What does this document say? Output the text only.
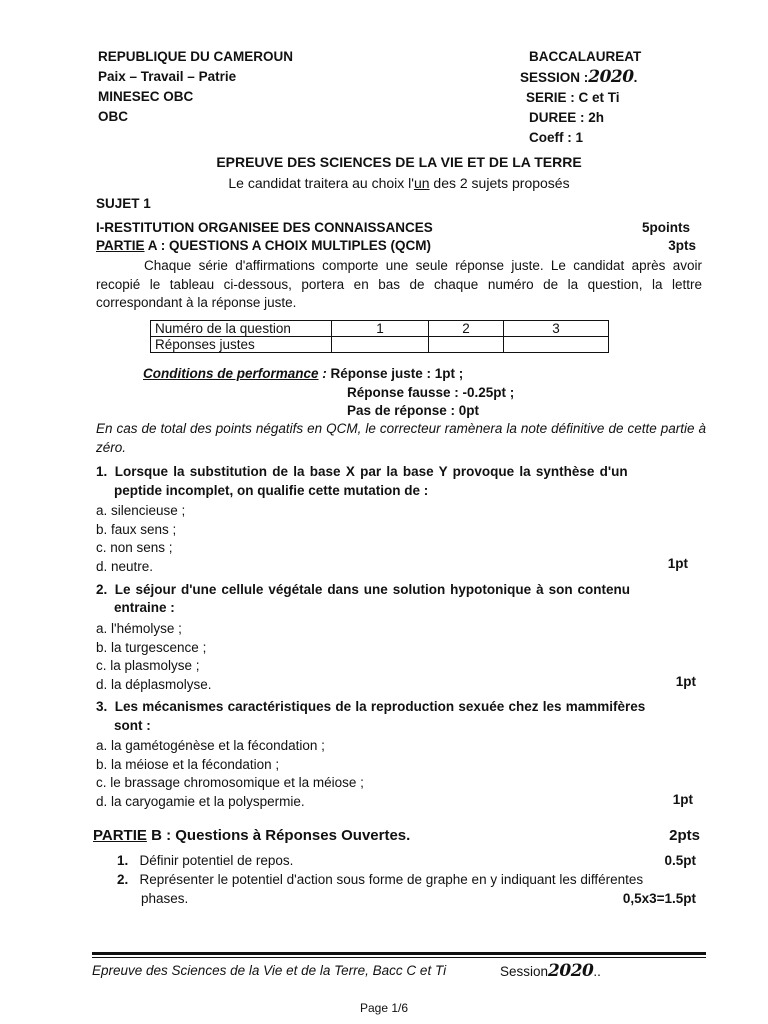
REPUBLIQUE DU CAMEROUN
Paix – Travail – Patrie
MINESEC OBC
OBC
BACCALAUREAT
SESSION :2020.
SERIE : C et Ti
DUREE : 2h
Coeff : 1
EPREUVE DES SCIENCES DE LA VIE ET DE LA TERRE
Le candidat traitera au choix l'un des 2 sujets proposés
SUJET 1
I-RESTITUTION ORGANISEE DES CONNAISSANCES	5points
PARTIE A : QUESTIONS A CHOIX MULTIPLES (QCM)	3pts
Chaque série d'affirmations comporte une seule réponse juste. Le candidat après avoir recopié le tableau ci-dessous, portera en bas de chaque numéro de la question, la lettre correspondant à la réponse juste.
Numéro de la question	1	2	3
Réponses justes			
Conditions de performance : Réponse juste : 1pt ;
Réponse fausse : -0.25pt ;
Pas de réponse : 0pt
En cas de total des points négatifs en QCM, le correcteur ramènera la note définitive de cette partie à zéro.
1. Lorsque la substitution de la base X par la base Y provoque la synthèse d'un
peptide incomplet, on qualifie cette mutation de :
a. silencieuse ;
b. faux sens ;
c. non sens ;
d. neutre.	1pt
2. Le séjour d'une cellule végétale dans une solution hypotonique à son contenu
entraine :
a. l'hémolyse ;
b. la turgescence ;
c. la plasmolyse ;
d. la déplasmolyse.	1pt
3. Les mécanismes caractéristiques de la reproduction sexuée chez les mammifères
sont :
a. la gamétogénèse et la fécondation ;
b. la méiose et la fécondation ;
c. le brassage chromosomique et la méiose ;
d. la caryogamie et la polyspermie.	1pt
PARTIE B : Questions à Réponses Ouvertes.	2pts
1. Définir potentiel de repos.	0.5pt
2. Représenter le potentiel d'action sous forme de graphe en y indiquant les différentes
phases.	0,5x3=1.5pt
Epreuve des Sciences de la Vie et de la Terre, Bacc C et Ti	Session2020..
Page 1/6
